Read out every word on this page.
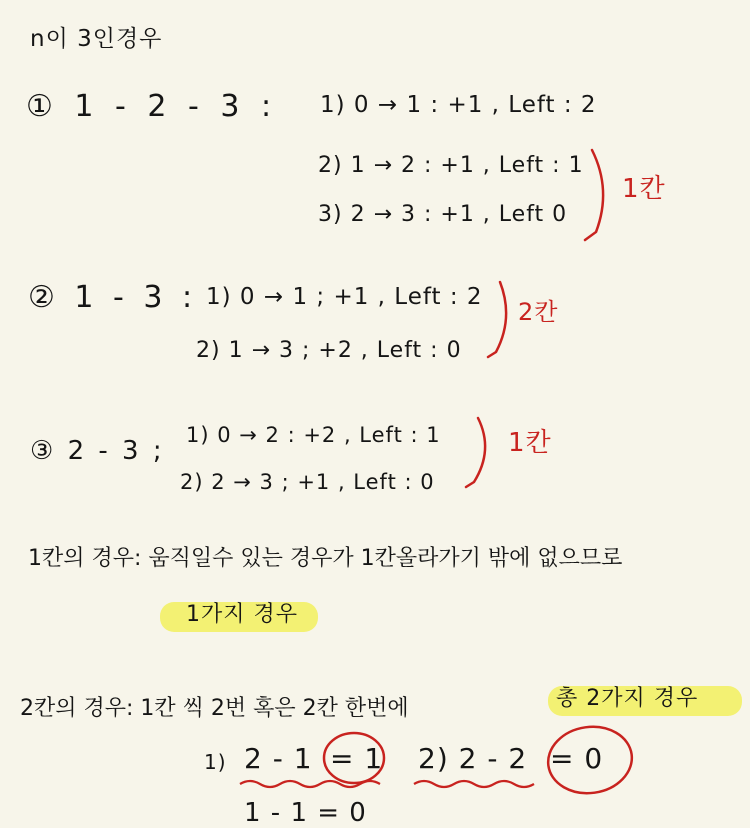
n이 3인경우
① 1 - 2 - 3 : 1) 0 → 1 : +1 , Left : 2
2) 1 → 2 : +1 , Left : 1
3) 2 → 3 : +1 , Left 0
1칸
② 1 - 3 : 1) 0 → 1 ; +1 , Left : 2
2) 1 → 3 ; +2 , Left : 0
2칸
③ 2 - 3 ;
1) 0 → 2 : +2 , Left : 1
2) 2 → 3 ; +1 , Left : 0
1칸
1칸의 경우: 움직일수 있는 경우가 1칸올라가기 밖에 없으므로
1가지 경우
2칸의 경우: 1칸 씩 2번 혹은 2칸 한번에	총 2가지 경우
1) 2 - 1 = 1 2) 2 - 2 = 0
1 - 1 = 0
